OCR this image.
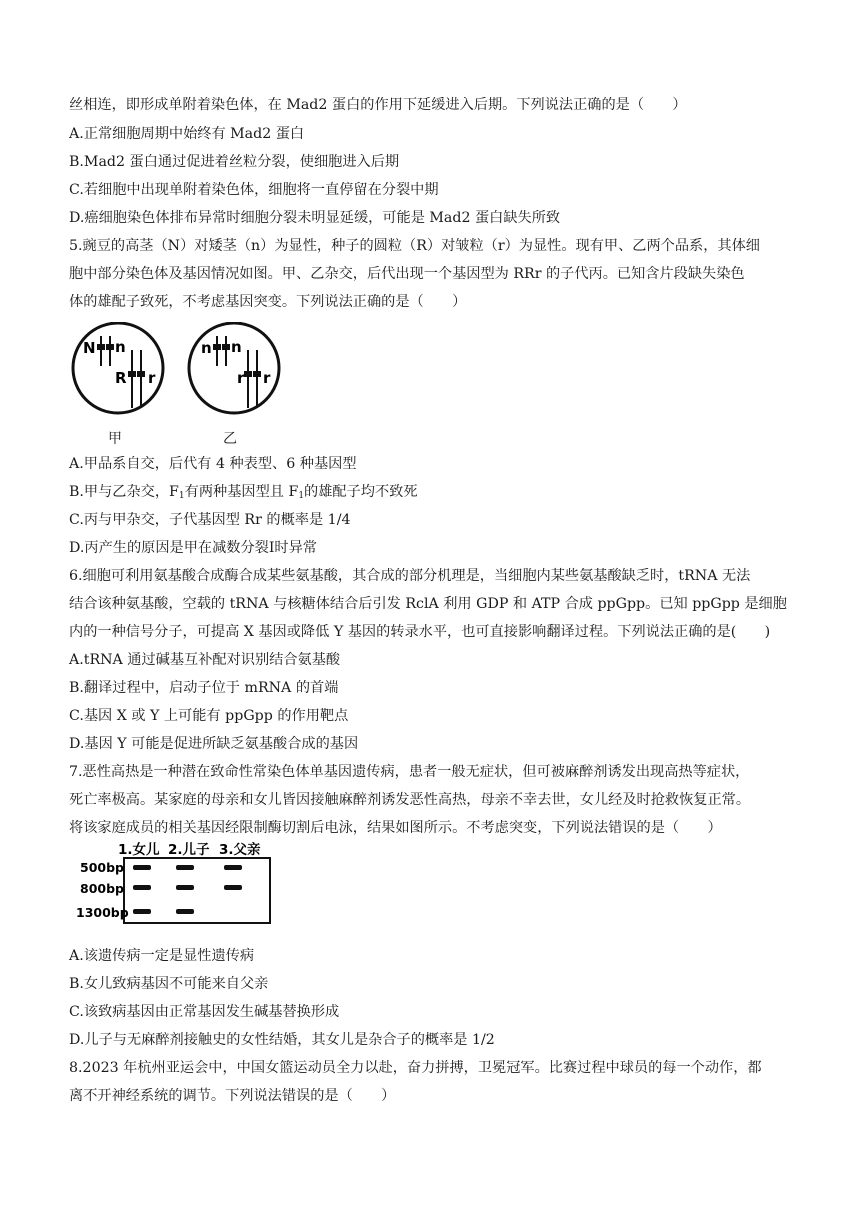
丝相连，即形成单附着染色体，在 Mad2 蛋白的作用下延缓进入后期。下列说法正确的是（　　）
A.正常细胞周期中始终有 Mad2 蛋白
B.Mad2 蛋白通过促进着丝粒分裂，使细胞进入后期
C.若细胞中出现单附着染色体，细胞将一直停留在分裂中期
D.癌细胞染色体排布异常时细胞分裂未明显延缓，可能是 Mad2 蛋白缺失所致
5.豌豆的高茎（N）对矮茎（n）为显性，种子的圆粒（R）对皱粒（r）为显性。现有甲、乙两个品系，其体细
胞中部分染色体及基因情况如图。甲、乙杂交，后代出现一个基因型为 RRr 的子代丙。已知含片段缺失染色
体的雄配子致死，不考虑基因突变。下列说法正确的是（　　）
N n
R r
n n
r r
甲	乙
A.甲品系自交，后代有 4 种表型、6 种基因型
B.甲与乙杂交，$F_1$有两种基因型且 $F_1$的雄配子均不致死
C.丙与甲杂交，子代基因型 Rr 的概率是 1/4
D.丙产生的原因是甲在减数分裂Ⅰ时异常
6.细胞可利用氨基酸合成酶合成某些氨基酸，其合成的部分机理是，当细胞内某些氨基酸缺乏时，tRNA 无法
结合该种氨基酸，空载的 tRNA 与核糖体结合后引发 RclA 利用 GDP 和 ATP 合成 ppGpp。已知 ppGpp 是细胞
内的一种信号分子，可提高 X 基因或降低 Y 基因的转录水平，也可直接影响翻译过程。下列说法正确的是(　　)
A.tRNA 通过碱基互补配对识别结合氨基酸
B.翻译过程中，启动子位于 mRNA 的首端
C.基因 X 或 Y 上可能有 ppGpp 的作用靶点
D.基因 Y 可能是促进所缺乏氨基酸合成的基因
7.恶性高热是一种潜在致命性常染色体单基因遗传病，患者一般无症状，但可被麻醉剂诱发出现高热等症状，
死亡率极高。某家庭的母亲和女儿皆因接触麻醉剂诱发恶性高热，母亲不幸去世，女儿经及时抢救恢复正常。
将该家庭成员的相关基因经限制酶切割后电泳，结果如图所示。不考虑突变，下列说法错误的是（　　）
1.女儿 2.儿子 3.父亲
500bp
800bp
1300bp
A.该遗传病一定是显性遗传病
B.女儿致病基因不可能来自父亲
C.该致病基因由正常基因发生碱基替换形成
D.儿子与无麻醉剂接触史的女性结婚，其女儿是杂合子的概率是 1/2
8.2023 年杭州亚运会中，中国女篮运动员全力以赴，奋力拼搏，卫冕冠军。比赛过程中球员的每一个动作，都
离不开神经系统的调节。下列说法错误的是（　　）
